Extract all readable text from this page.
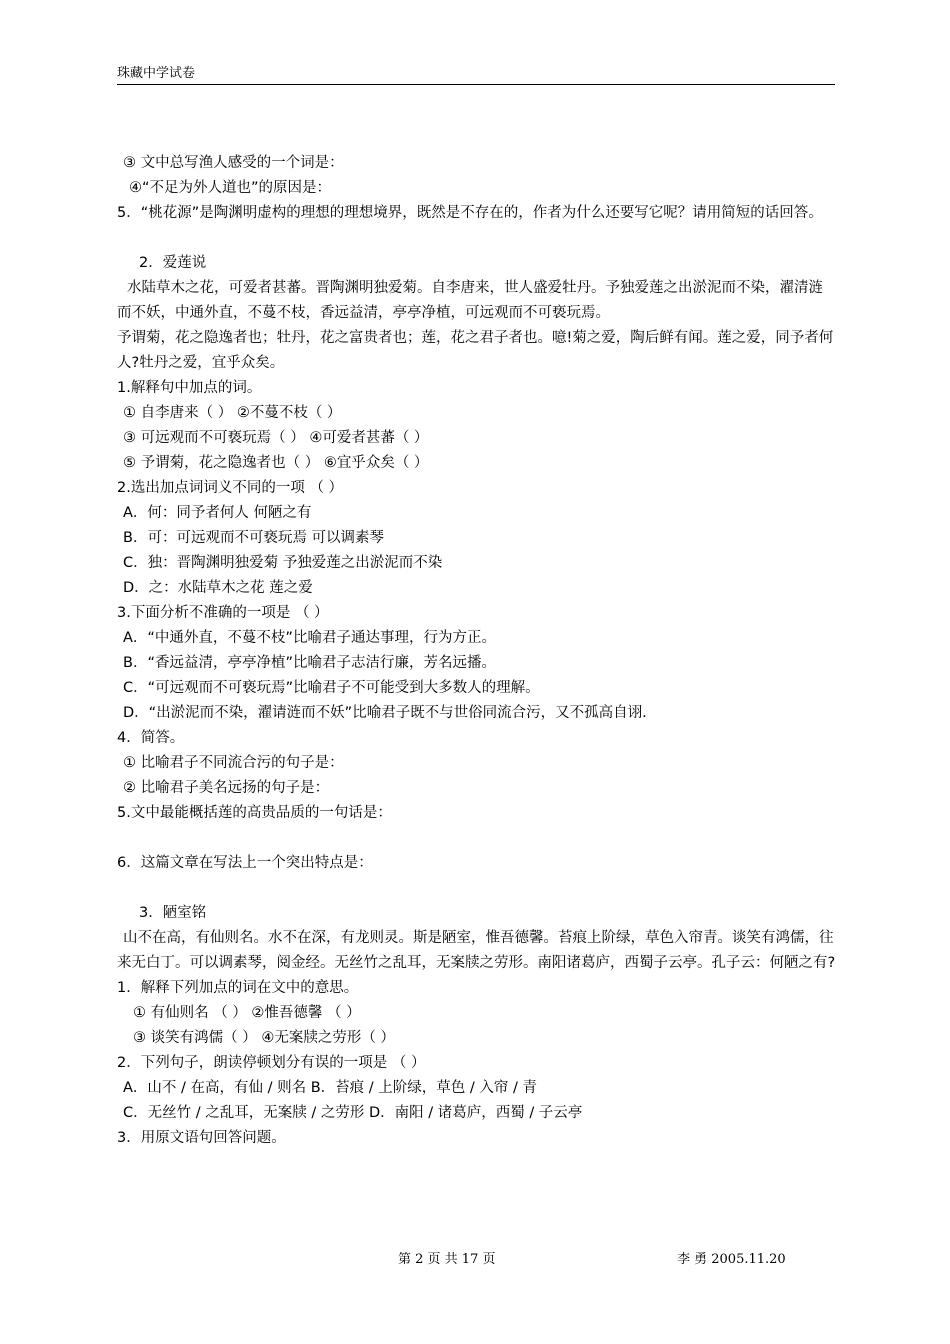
珠藏中学试卷
③ 文中总写渔人感受的一个词是：
④“不足为外人道也”的原因是：
5．“桃花源”是陶渊明虚构的理想的理想境界，既然是不存在的，作者为什么还要写它呢？请用简短的话回答。
2．爱莲说
水陆草木之花，可爱者甚蕃。晋陶渊明独爱菊。自李唐来，世人盛爱牡丹。予独爱莲之出淤泥而不染，濯清涟而不妖，中通外直，不蔓不枝，香远益清，亭亭净植，可远观而不可亵玩焉。
予谓菊，花之隐逸者也；牡丹，花之富贵者也；莲，花之君子者也。噫!菊之爱，陶后鲜有闻。莲之爱，同予者何人?牡丹之爱，宜乎众矣。
1.解释句中加点的词。
① 自李唐来（ ） ②不蔓不枝（ ）
③ 可远观而不可亵玩焉（ ） ④可爱者甚蕃（ ）
⑤ 予谓菊，花之隐逸者也（ ） ⑥宜乎众矣（ ）
2.选出加点词词义不同的一项 （ ）
A．何：同予者何人 何陋之有
B．可：可远观而不可亵玩焉 可以调素琴
C．独：晋陶渊明独爱菊 予独爱莲之出淤泥而不染
D．之：水陆草木之花 莲之爱
3.下面分析不准确的一项是 （ ）
A．“中通外直，不蔓不枝”比喻君子通达事理，行为方正。
B．“香远益清，亭亭净植”比喻君子志洁行廉，芳名远播。
C．“可远观而不可亵玩焉”比喻君子不可能受到大多数人的理解。
D．“出淤泥而不染，濯请涟而不妖”比喻君子既不与世俗同流合污，又不孤高自诩.
4．简答。
① 比喻君子不同流合污的句子是：
② 比喻君子美名远扬的句子是：
5.文中最能概括莲的高贵品质的一句话是：
6．这篇文章在写法上一个突出特点是：
3．陋室铭
山不在高，有仙则名。水不在深，有龙则灵。斯是陋室，惟吾德馨。苔痕上阶绿，草色入帘青。谈笑有鸿儒，往来无白丁。可以调素琴，阅金经。无丝竹之乱耳，无案牍之劳形。南阳诸葛庐，西蜀子云亭。孔子云：何陋之有?
1．解释下列加点的词在文中的意思。
① 有仙则名 （ ） ②惟吾德馨 （ ）
③ 谈笑有鸿儒（ ） ④无案牍之劳形（ ）
2．下列句子，朗读停顿划分有误的一项是 （ ）
A．山不 / 在高，有仙 / 则名 B．苔痕 / 上阶绿，草色 / 入帘 / 青
C．无丝竹 / 之乱耳，无案牍 / 之劳形 D．南阳 / 诸葛庐，西蜀 / 子云亭
3．用原文语句回答问题。
第 2 页 共 17 页	李 勇 2005.11.20
